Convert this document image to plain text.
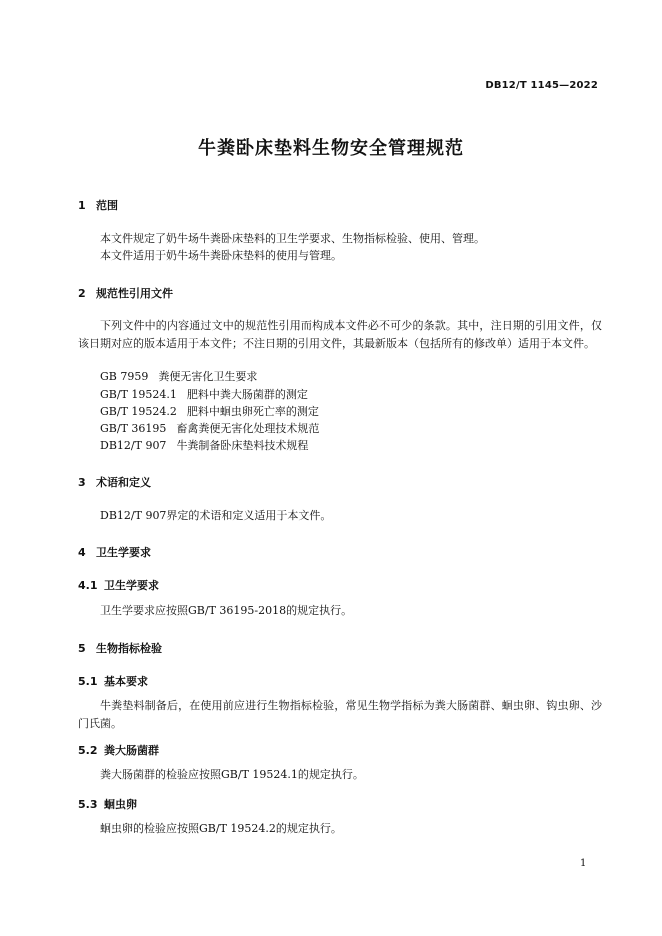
DB12/T 1145—2022
牛粪卧床垫料生物安全管理规范
1 范围
本文件规定了奶牛场牛粪卧床垫料的卫生学要求、生物指标检验、使用、管理。
本文件适用于奶牛场牛粪卧床垫料的使用与管理。
2 规范性引用文件
下列文件中的内容通过文中的规范性引用而构成本文件必不可少的条款。其中，注日期的引用文件，仅该日期对应的版本适用于本文件；不注日期的引用文件，其最新版本（包括所有的修改单）适用于本文件。
GB 7959 粪便无害化卫生要求
GB/T 19524.1 肥料中粪大肠菌群的测定
GB/T 19524.2 肥料中蛔虫卵死亡率的测定
GB/T 36195 畜禽粪便无害化处理技术规范
DB12/T 907 牛粪制备卧床垫料技术规程
3 术语和定义
DB12/T 907界定的术语和定义适用于本文件。
4 卫生学要求
4.1 卫生学要求
卫生学要求应按照GB/T 36195-2018的规定执行。
5 生物指标检验
5.1 基本要求
牛粪垫料制备后，在使用前应进行生物指标检验，常见生物学指标为粪大肠菌群、蛔虫卵、钩虫卵、沙门氏菌。
5.2 粪大肠菌群
粪大肠菌群的检验应按照GB/T 19524.1的规定执行。
5.3 蛔虫卵
蛔虫卵的检验应按照GB/T 19524.2的规定执行。
1
